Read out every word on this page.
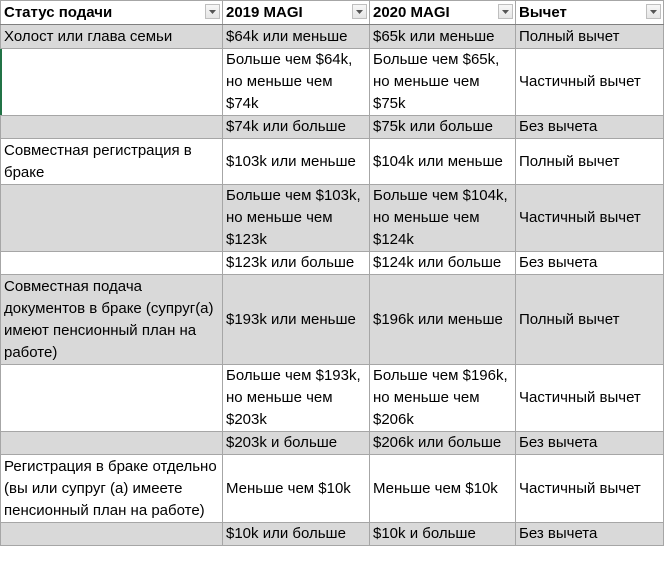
Статус подачи	2019 MAGI	2020 MAGI	Вычет

Холост или глава семьи	$64k или меньше	$65k или меньше	Полный вычет
	Больше чем $64k, но меньше чем $74k	Больше чем $65k, но меньше чем $75k	Частичный вычет
	$74k или больше	$75k или больше	Без вычета
Совместная регистрация в браке	$103k или меньше	$104k или меньше	Полный вычет
	Больше чем $103k, но меньше чем $123k	Больше чем $104k, но меньше чем $124k	Частичный вычет
	$123k или больше	$124k или больше	Без вычета
Совместная подача документов в браке (супруг(а) имеют пенсионный план на работе)	$193k или меньше	$196k или меньше	Полный вычет
	Больше чем $193k, но меньше чем $203k	Больше чем $196k, но меньше чем $206k	Частичный вычет
	$203k и больше	$206k или больше	Без вычета
Регистрация в браке отдельно (вы или супруг (а) имеете пенсионный план на работе)	Меньше чем $10k	Меньше чем $10k	Частичный вычет
	$10k или больше	$10k и больше	Без вычета
